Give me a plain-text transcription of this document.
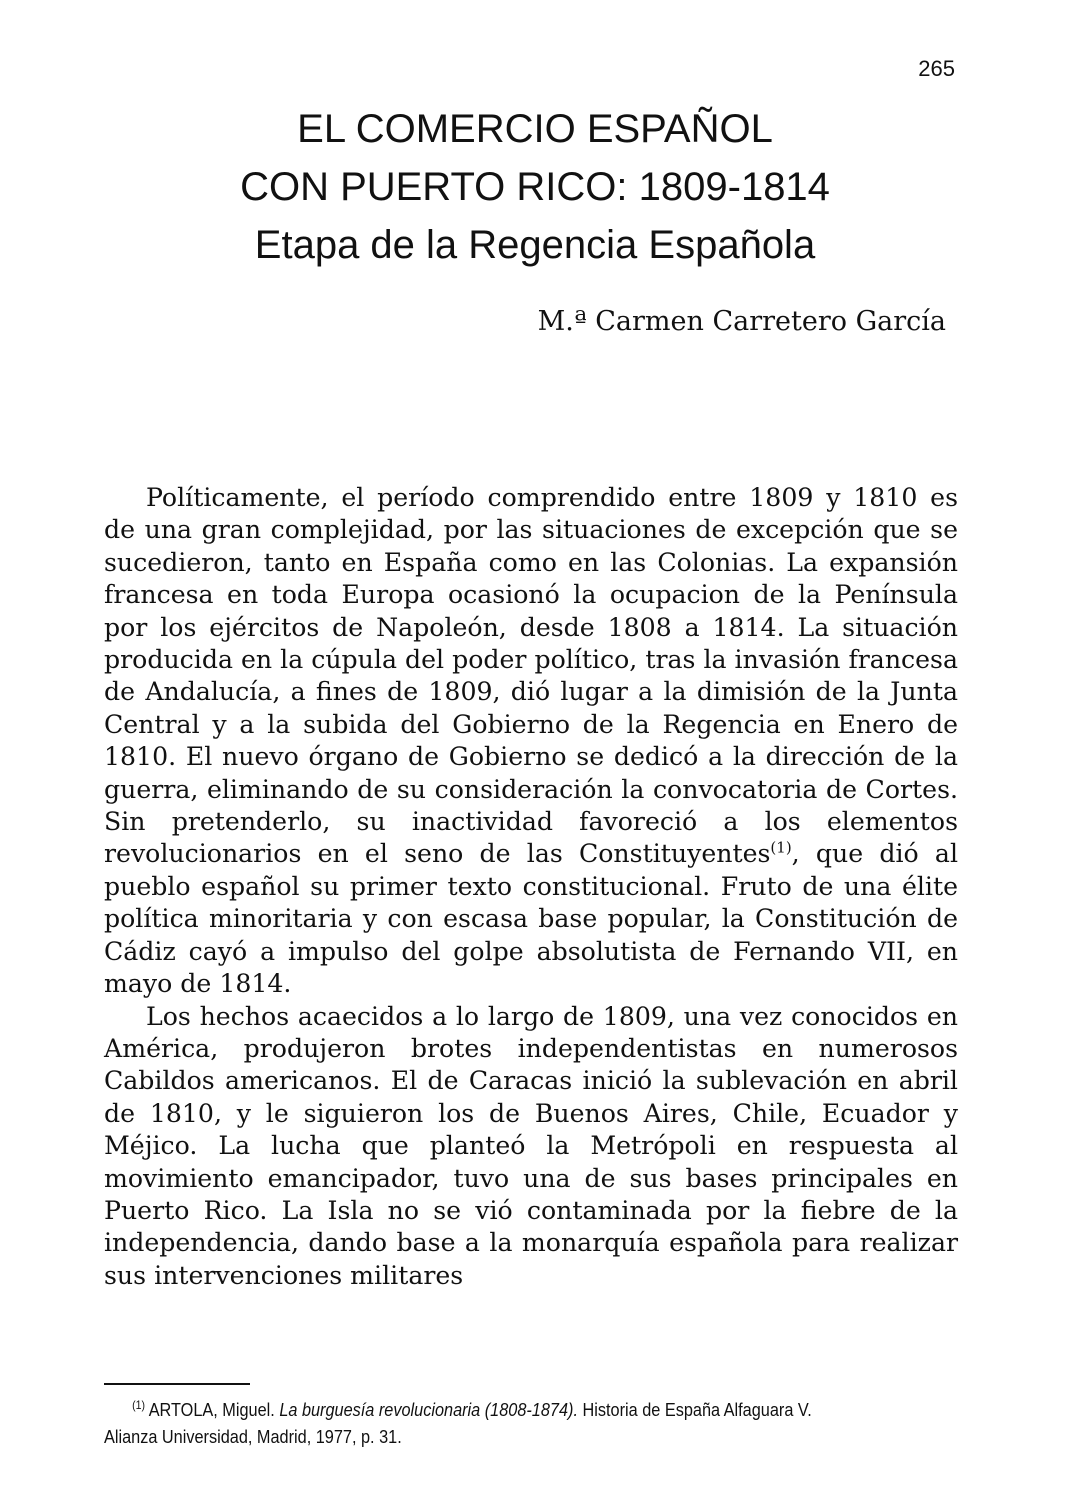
265
EL COMERCIO ESPAÑOL
CON PUERTO RICO: 1809-1814
Etapa de la Regencia Española
M.ª Carmen Carretero García

Políticamente, el período comprendido entre 1809 y 1810 es de una gran complejidad, por las situaciones de excepción que se sucedieron, tanto en España como en las Colonias. La expansión francesa en toda Europa ocasionó la ocupacion de la Península por los ejércitos de Napoleón, desde 1808 a 1814. La situación producida en la cúpula del poder político, tras la invasión francesa de Andalucía, a fines de 1809, dió lugar a la dimisión de la Junta Central y a la subida del Gobierno de la Regencia en Enero de 1810. El nuevo órgano de Gobierno se dedicó a la dirección de la guerra, eliminando de su consideración la convocatoria de Cortes. Sin pretenderlo, su inactividad favoreció a los elementos revolucionarios en el seno de las Constituyentes$^{(1)}$, que dió al pueblo español su primer texto constitucional. Fruto de una élite política minoritaria y con escasa base popular, la Constitución de Cádiz cayó a impulso del golpe absolutista de Fernando VII, en mayo de 1814.

Los hechos acaecidos a lo largo de 1809, una vez conocidos en América, produjeron brotes independentistas en numerosos Cabildos americanos. El de Caracas inició la sublevación en abril de 1810, y le siguieron los de Buenos Aires, Chile, Ecuador y Méjico. La lucha que planteó la Metrópoli en respuesta al movimiento emancipador, tuvo una de sus bases principales en Puerto Rico. La Isla no se vió contaminada por la fiebre de la independencia, dando base a la monarquía española para realizar sus intervenciones militares

$^{(1)}$ ARTOLA, Miguel. La burguesía revolucionaria (1808-1874). Historia de España Alfaguara V. Alianza Universidad, Madrid, 1977, p. 31.
